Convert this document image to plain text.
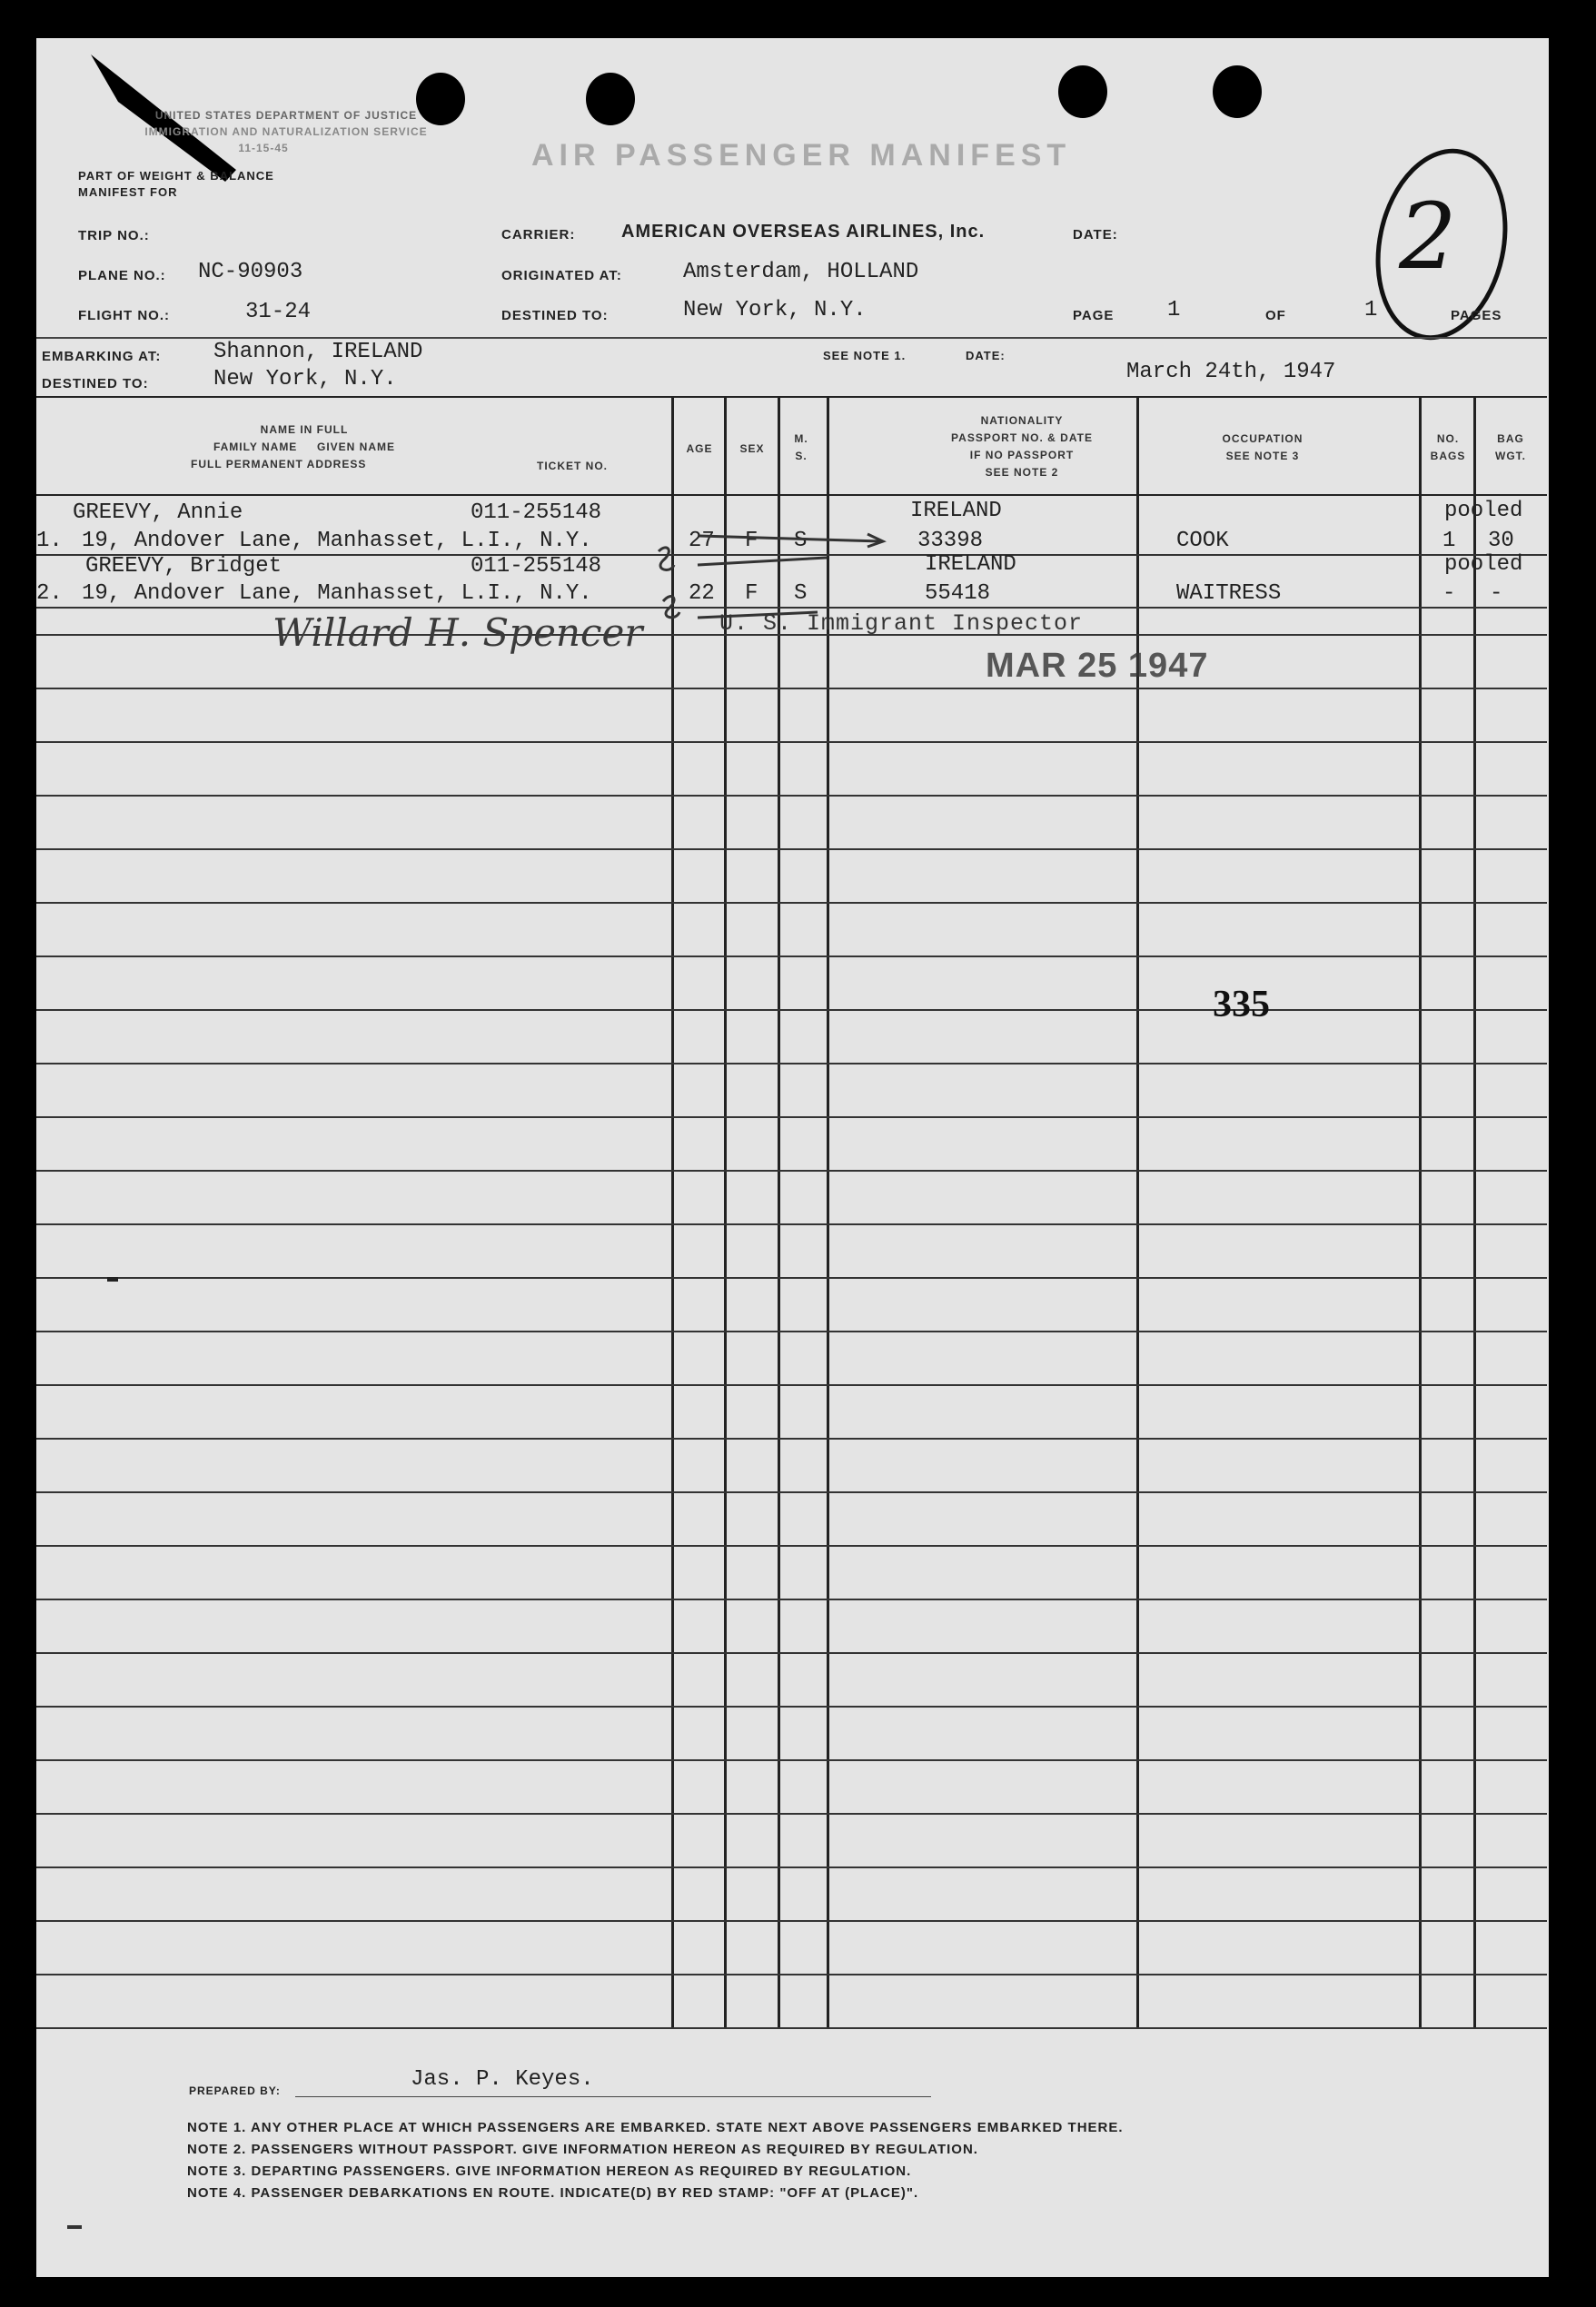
UNITED STATES DEPARTMENT OF JUSTICE
IMMIGRATION AND NATURALIZATION SERVICE
11-15-45
PART OF WEIGHT & BALANCE
MANIFEST FOR
AIR PASSENGER MANIFEST
2
TRIP NO.:
PLANE NO.: NC-90903
FLIGHT NO.:	31-24
CARRIER:	AMERICAN OVERSEAS AIRLINES, Inc.
ORIGINATED AT:	Amsterdam, HOLLAND
DESTINED TO:	New York, N.Y.
DATE:
PAGE 1	OF	1	PAGES
EMBARKING AT: Shannon, IRELAND
DESTINED TO:	New York, N.Y.
SEE NOTE 1.	DATE:
March 24th, 1947
NAME IN FULL
FAMILY NAME GIVEN NAME
FULL PERMANENT ADDRESS	TICKET NO.
AGE	SEX
M.
S.
NATIONALITY
PASSPORT NO. & DATE
IF NO PASSPORT
SEE NOTE 2
OCCUPATION
SEE NOTE 3
NO.
BAGS
BAG
WGT.
GREEVY, Annie	011-255148	IRELAND	pooled
1. 19, Andover Lane, Manhasset, L.I., N.Y.	27 F S	33398	COOK	1 30
GREEVY, Bridget	011-255148	IRELAND	pooled
2. 19, Andover Lane, Manhasset, L.I., N.Y.	22 F S	55418	WAITRESS	- -
Willard H. Spencer	U. S. Immigrant Inspector
MAR 25 1947
335
PREPARED BY:	Jas. P. Keyes.
NOTE 1. ANY OTHER PLACE AT WHICH PASSENGERS ARE EMBARKED. STATE NEXT ABOVE PASSENGERS EMBARKED THERE.
NOTE 2. PASSENGERS WITHOUT PASSPORT. GIVE INFORMATION HEREON AS REQUIRED BY REGULATION.
NOTE 3. DEPARTING PASSENGERS. GIVE INFORMATION HEREON AS REQUIRED BY REGULATION.
NOTE 4. PASSENGER DEBARKATIONS EN ROUTE. INDICATE(D) BY RED STAMP: "OFF AT (PLACE)".
